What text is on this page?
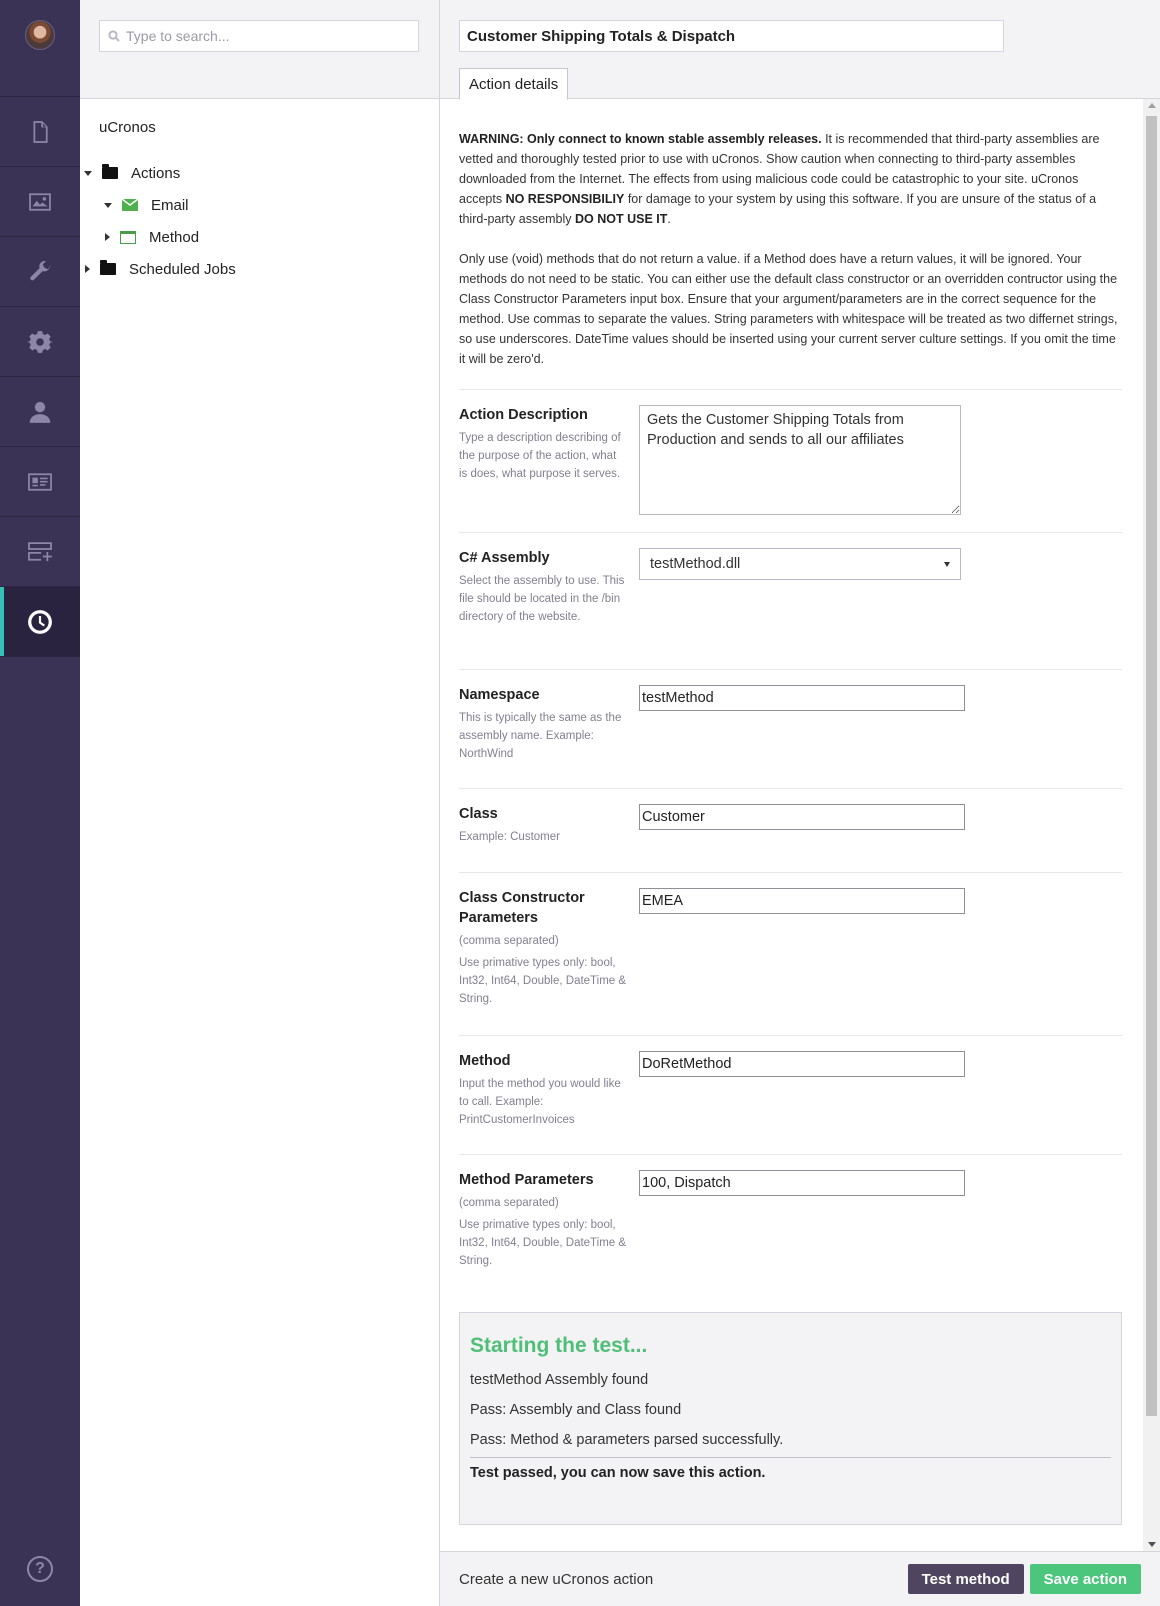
?
Type to search...
uCronos
Actions
Email
Method
Scheduled Jobs
Customer Shipping Totals & Dispatch
Action details

WARNING: Only connect to known stable assembly releases. It is recommended that third-party assemblies are vetted and thoroughly tested prior to use with uCronos. Show caution when connecting to third-party assembles downloaded from the Internet. The effects from using malicious code could be catastrophic to your site. uCronos accepts NO RESPONSIBILIY for damage to your system by using this software. If you are unsure of the status of a third-party assembly DO NOT USE IT.

Only use (void) methods that do not return a value. if a Method does have a return values, it will be ignored. Your methods do not need to be static. You can either use the default class constructor or an overridden contructor using the Class Constructor Parameters input box. Ensure that your argument/parameters are in the correct sequence for the method. Use commas to separate the values. String parameters with whitespace will be treated as two differnet strings, so use underscores. DateTime values should be inserted using your current server culture settings. If you omit the time it will be zero'd.

Action Description
Type a description describing of the purpose of the action, what is does, what purpose it serves.
Gets the Customer Shipping Totals from Production and sends to all our affiliates
C# Assembly
Select the assembly to use. This file should be located in the /bin directory of the website.
testMethod.dll
Namespace
This is typically the same as the assembly name. Example: NorthWind
testMethod
Class
Example: Customer
Customer
Class Constructor Parameters
(comma separated)
Use primative types only: bool, Int32, Int64, Double, DateTime & String.
EMEA
Method
Input the method you would like to call. Example: PrintCustomerInvoices
DoRetMethod
Method Parameters
(comma separated)
Use primative types only: bool, Int32, Int64, Double, DateTime & String.
100, Dispatch
Starting the test...
testMethod Assembly found
Pass: Assembly and Class found
Pass: Method & parameters parsed successfully.
Test passed, you can now save this action.
Create a new uCronos action	Test method	Save action
